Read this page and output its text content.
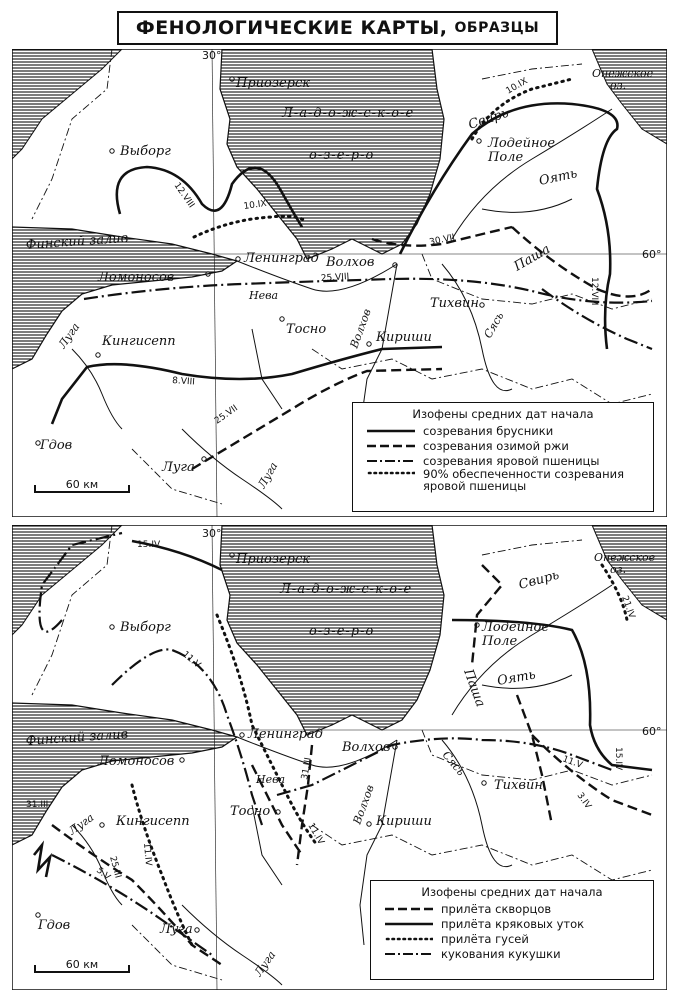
ФЕНОЛОГИЧЕСКИЕ КАРТЫ, ОБРАЗЦЫ
Приозерск
Л-а-д-о-ж-с-к-о-е
о-з-е-р-о
Выборг
Финский залив
Ленинград
Ломоносов
Волхов
Нева
Тосно
Кингисепп
Луга	Кириши
Волхов
Тихвин
Сясь
Гдов
Луга	Луга
Паша
Свирь
Лодейное
Поле
Оять
Онежское
оз.
12.VIII	10.IX
30.VII
25.VIII
8.VIII
25.VII
10.IX
12.VIII
30°
60°
Приозерск
Л-а-д-о-ж-с-к-о-е
о-з-е-р-о
Выборг
Финский залив	Ленинград
Ломоносов
Волхов
Нева
Тосно
Кингисепп
Луга	Кириши
Волхов	Тихвин
Сясь
Гдов	Луга
Луга
Паша
Свирь
Лодейное
Поле
Оять
Онежское
оз.
15.IV
11.V
31.III
11.IV
21.IV
15.IV
11.V
3.IV
31.III
25.III
5.V
11.IV
30°
60°
Изофены средних дат начала
созревания брусники
созревания озимой ржи
созревания яровой пшеницы
90% обеспеченности созревания яровой пшеницы
Изофены средних дат начала
прилёта скворцов
прилёта кряковых уток
прилёта гусей
кукования кукушки
60 км
60 км
